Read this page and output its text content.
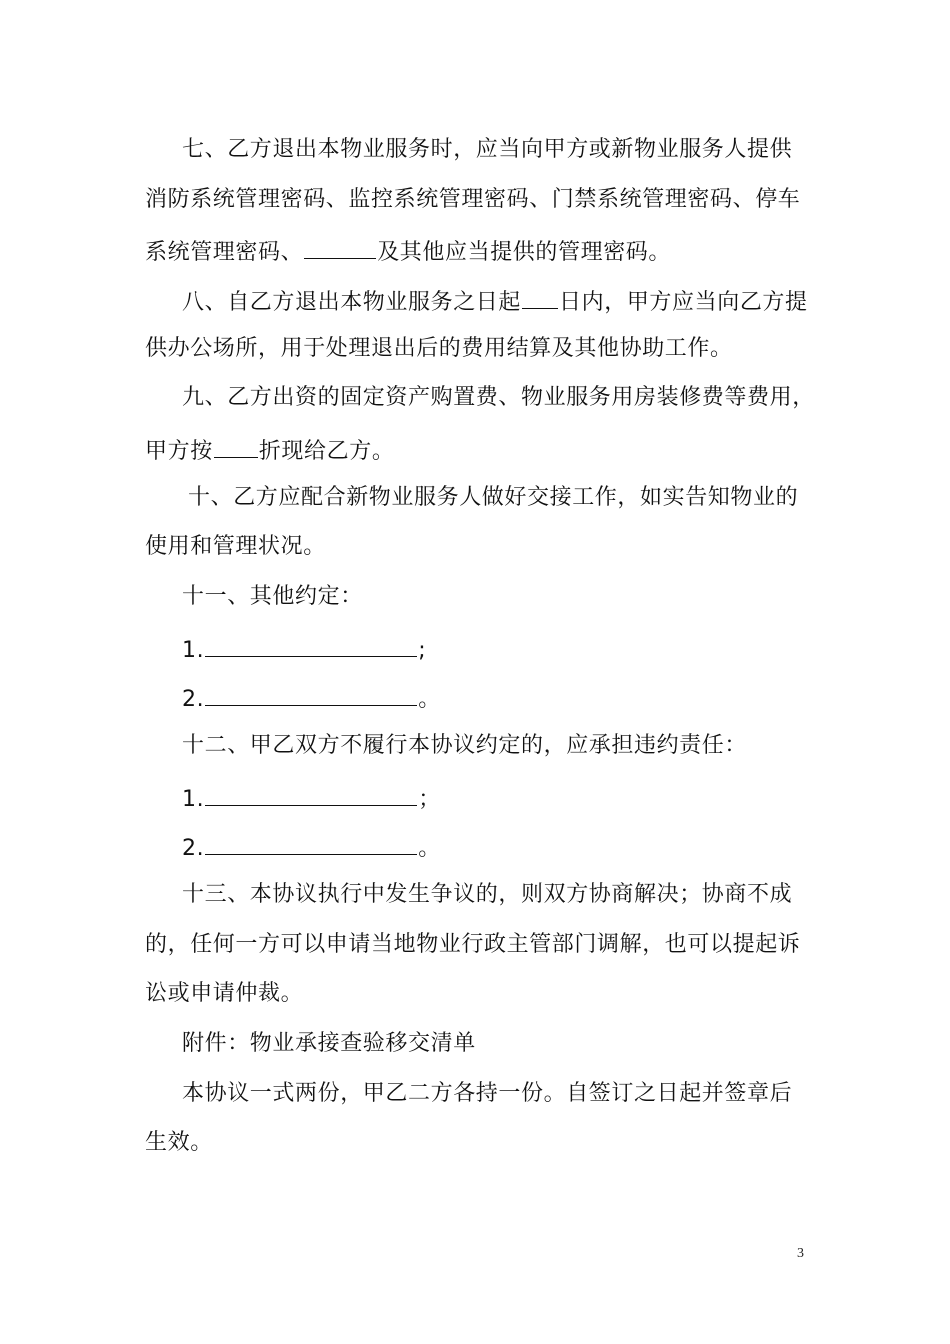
七、乙方退出本物业服务时，应当向甲方或新物业服务人提供
消防系统管理密码、监控系统管理密码、门禁系统管理密码、停车
系统管理密码、	及其他应当提供的管理密码。
八、自乙方退出本物业服务之日起 日内，甲方应当向乙方提
供办公场所，用于处理退出后的费用结算及其他协助工作。
九、乙方出资的固定资产购置费、物业服务用房装修费等费用，
甲方按 折现给乙方。
十、乙方应配合新物业服务人做好交接工作，如实告知物业的
使用和管理状况。
十一、其他约定：
1.	;
2.	。
十二、甲乙双方不履行本协议约定的，应承担违约责任：
1.	；
2.	。
十三、本协议执行中发生争议的，则双方协商解决；协商不成
的，任何一方可以申请当地物业行政主管部门调解，也可以提起诉
讼或申请仲裁。
附件：物业承接查验移交清单
本协议一式两份，甲乙二方各持一份。自签订之日起并签章后
生效。
3
